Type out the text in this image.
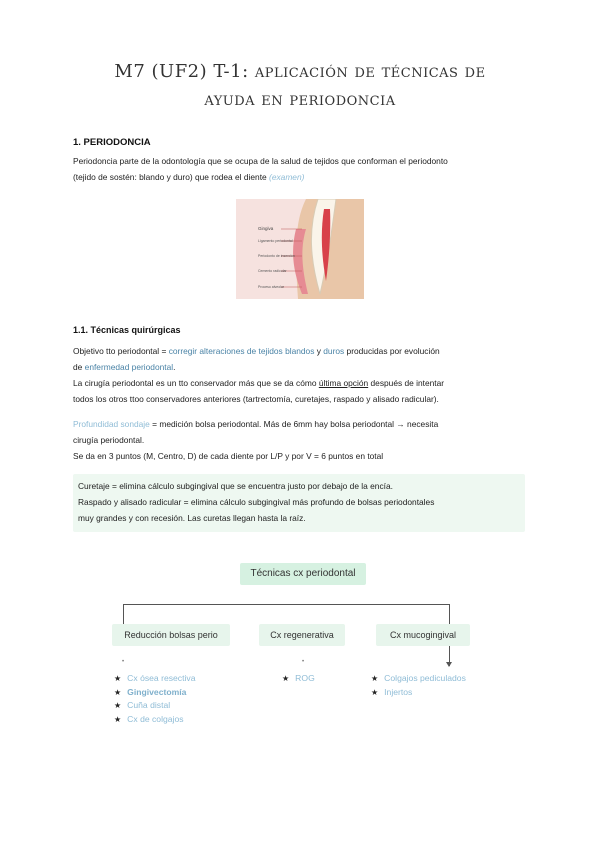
M7 (UF2) T-1: aplicación de técnicas de
ayuda en periodoncia
1. PERIODONCIA
Periodoncia parte de la odontología que se ocupa de la salud de tejidos que conforman el periodonto
(tejido de sostén: blando y duro) que rodea el diente (examen)
Gingiva
Ligamento periodontal
Periodonto de inserción
Cemento radicular
Proceso alveolar
1.1. Técnicas quirúrgicas
Objetivo tto periodontal = corregir alteraciones de tejidos blandos y duros producidas por evolución
de enfermedad periodontal.
La cirugía periodontal es un tto conservador más que se da cómo última opción después de intentar
todos los otros ttoo conservadores anteriores (tartrectomía, curetajes, raspado y alisado radicular).
Profundidad sondaje = medición bolsa periodontal. Más de 6mm hay bolsa periodontal → necesita
cirugía periodontal.
Se da en 3 puntos (M, Centro, D) de cada diente por L/P y por V = 6 puntos en total
Curetaje = elimina cálculo subgingival que se encuentra justo por debajo de la encía.
Raspado y alisado radicular = elimina cálculo subgingival más profundo de bolsas periodontales
muy grandes y con recesión. Las curetas llegan hasta la raíz.
Técnicas cx periodontal
Reducción bolsas perio	Cx regenerativa	Cx mucogingival
•	•
★ Cx ósea resectiva
★ Gingivectomía
★ Cuña distal
★ Cx de colgajos
★ ROG	★ Colgajos pediculados
★ Injertos
